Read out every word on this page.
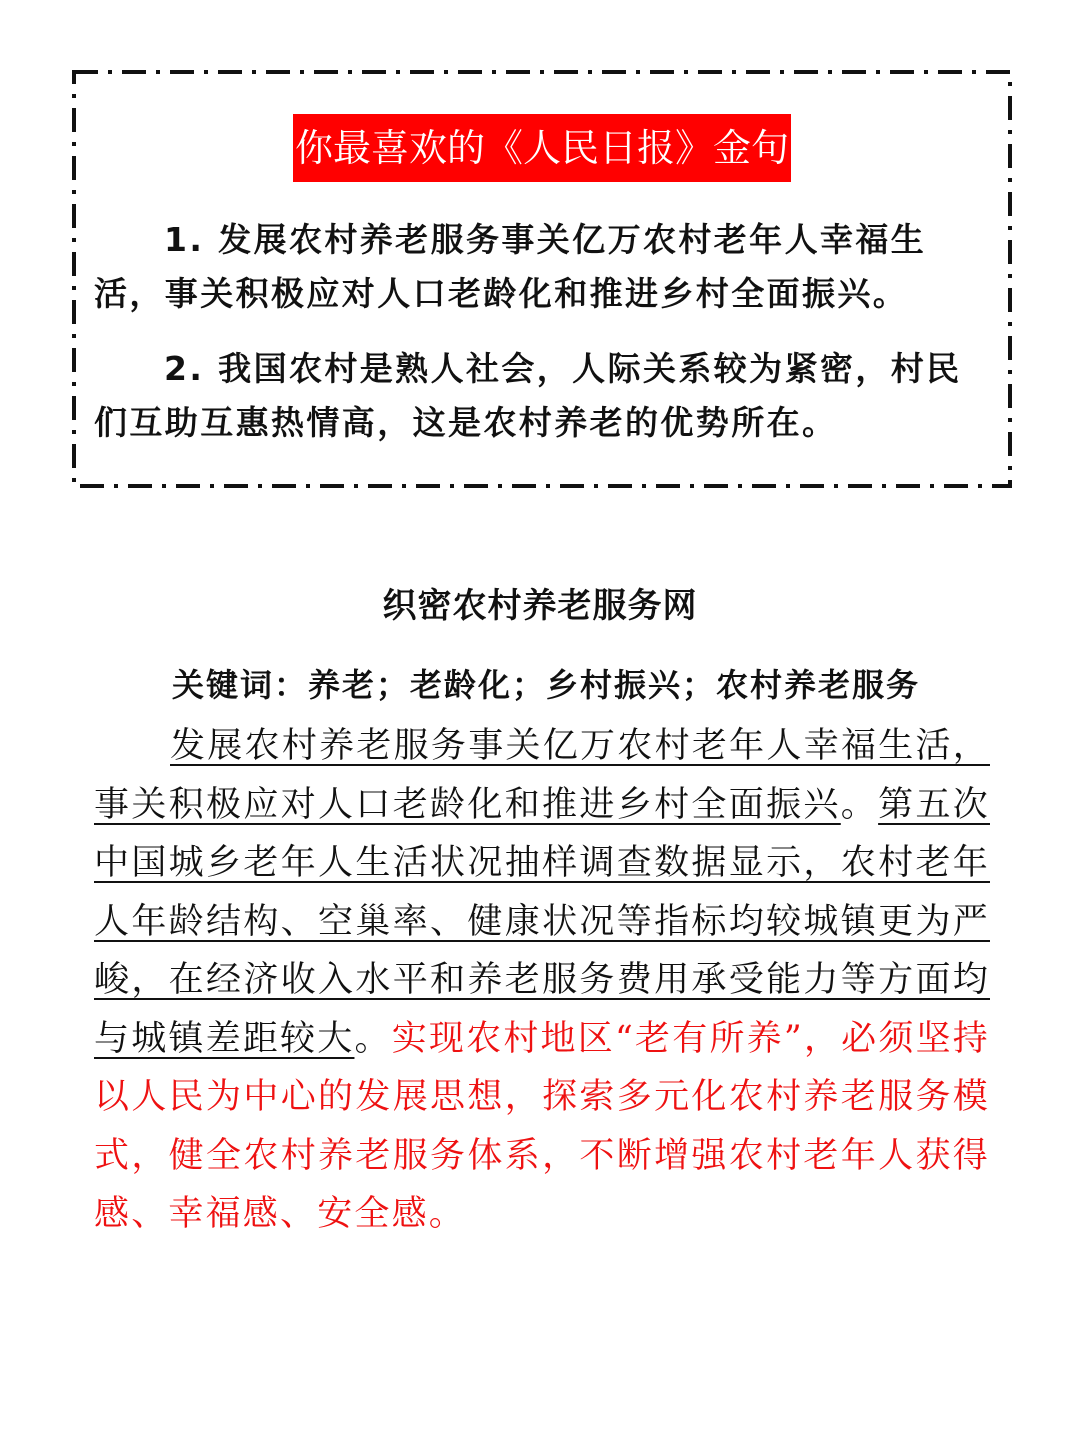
你最喜欢的《人民日报》金句

1. 发展农村养老服务事关亿万农村老年人幸福生活，事关积极应对人口老龄化和推进乡村全面振兴。

2. 我国农村是熟人社会，人际关系较为紧密，村民们互助互惠热情高，这是农村养老的优势所在。

织密农村养老服务网

关键词：养老；老龄化；乡村振兴；农村养老服务

发展农村养老服务事关亿万农村老年人幸福生活，事关积极应对人口老龄化和推进乡村全面振兴。第五次中国城乡老年人生活状况抽样调查数据显示，农村老年人年龄结构、空巢率、健康状况等指标均较城镇更为严峻，在经济收入水平和养老服务费用承受能力等方面均与城镇差距较大。实现农村地区“老有所养”，必须坚持以人民为中心的发展思想，探索多元化农村养老服务模式，健全农村养老服务体系，不断增强农村老年人获得感、幸福感、安全感。
